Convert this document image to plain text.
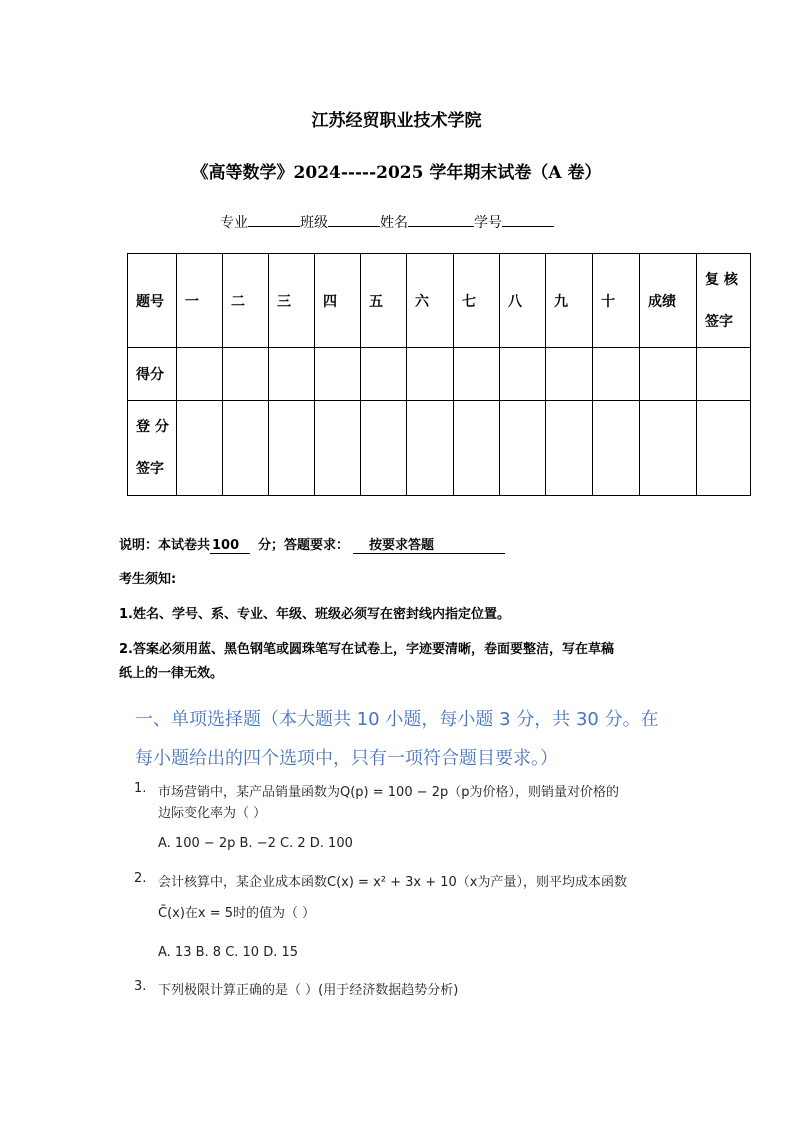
江苏经贸职业技术学院
《高等数学》2024-----2025 学年期末试卷（A 卷）
专业	班级	姓名	学号
题号	一	二	三	四	五	六	七	八	九	十	成绩	复 核
签字

得分												

登 分
签字												

说明：本试卷共 100 分；答题要求： 按要求答题
考生须知:
1.姓名、学号、系、专业、年级、班级必须写在密封线内指定位置。
2.答案必须用蓝、黑色钢笔或圆珠笔写在试卷上，字迹要清晰，卷面要整洁，写在草稿
纸上的一律无效。
一、单项选择题（本大题共 10 小题，每小题 3 分，共 30 分。在
每小题给出的四个选项中，只有一项符合题目要求。）
1. 市场营销中，某产品销量函数为Q(p) = 100 − 2p（p为价格），则销量对价格的
边际变化率为（ ）
A. 100 − 2p B. −2 C. 2 D. 100
2. 会计核算中，某企业成本函数C(x) = x² + 3x + 10（x为产量），则平均成本函数
C̄(x)在x = 5时的值为（ ）
A. 13 B. 8 C. 10 D. 15
3. 下列极限计算正确的是（ ）(用于经济数据趋势分析)
